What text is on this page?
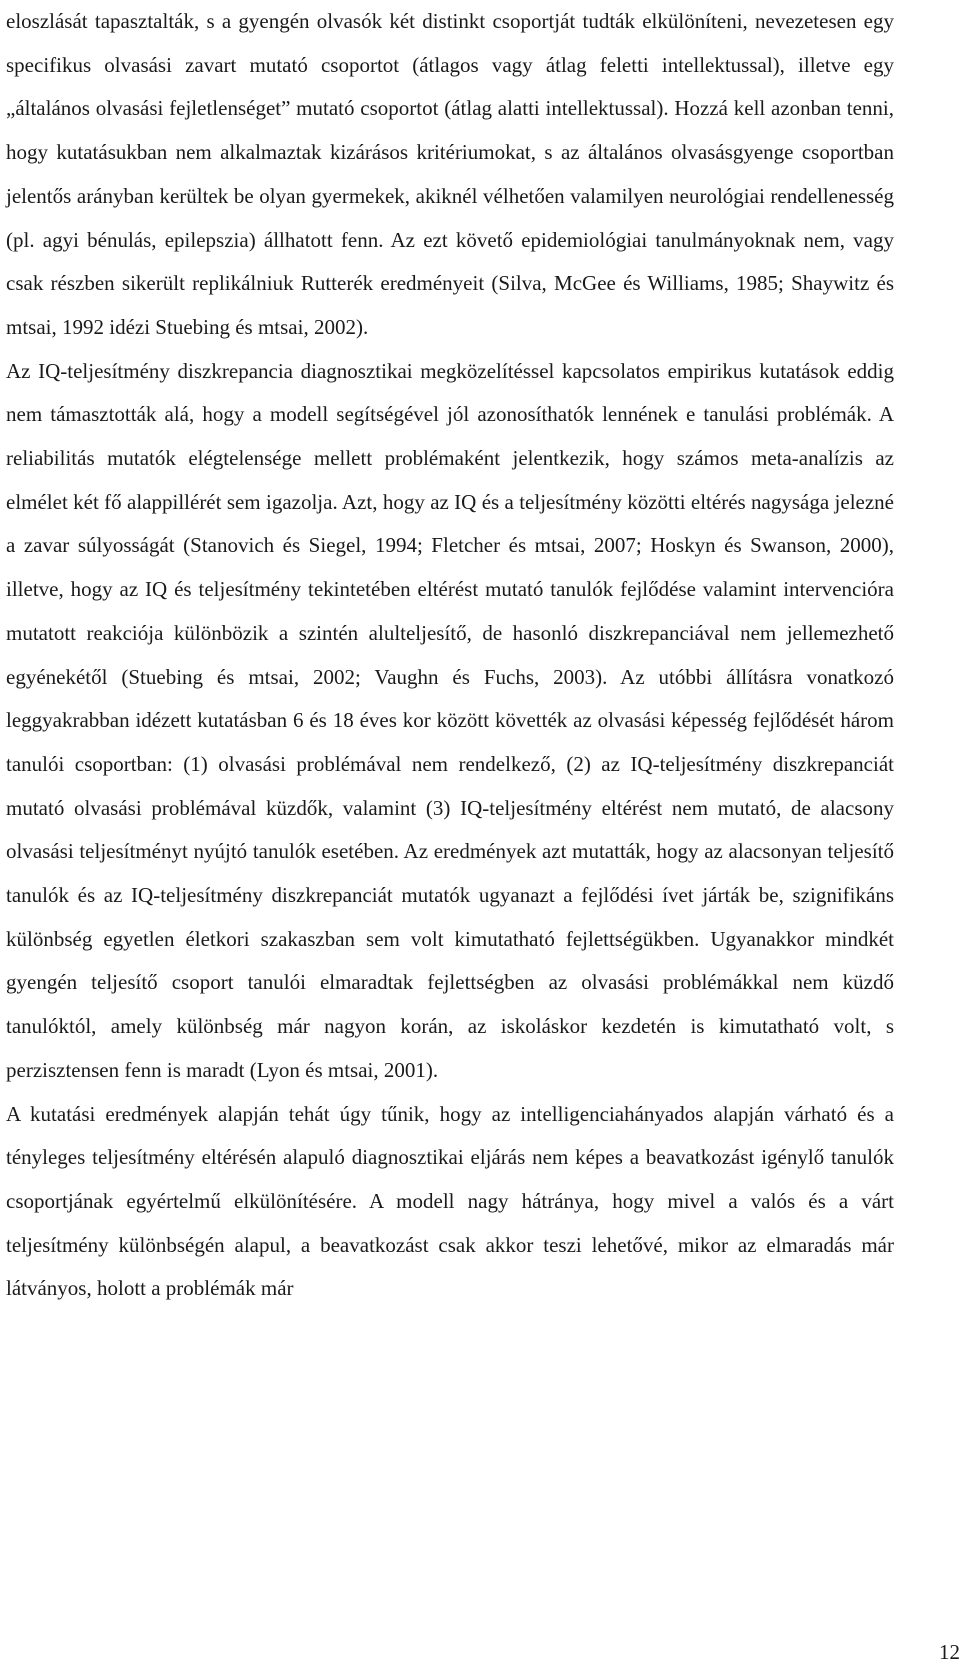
eloszlását tapasztalták, s a gyengén olvasók két distinkt csoportját tudták elkülöníteni, nevezetesen egy specifikus olvasási zavart mutató csoportot (átlagos vagy átlag feletti intellektussal), illetve egy „általános olvasási fejletlenséget” mutató csoportot (átlag alatti intellektussal). Hozzá kell azonban tenni, hogy kutatásukban nem alkalmaztak kizárásos kritériumokat, s az általános olvasásgyenge csoportban jelentős arányban kerültek be olyan gyermekek, akiknél vélhetően valamilyen neurológiai rendellenesség (pl. agyi bénulás, epilepszia) állhatott fenn. Az ezt követő epidemiológiai tanulmányoknak nem, vagy csak részben sikerült replikálniuk Rutterék eredményeit (Silva, McGee és Williams, 1985; Shaywitz és mtsai, 1992 idézi Stuebing és mtsai, 2002).

Az IQ-teljesítmény diszkrepancia diagnosztikai megközelítéssel kapcsolatos empirikus kutatások eddig nem támasztották alá, hogy a modell segítségével jól azonosíthatók lennének e tanulási problémák. A reliabilitás mutatók elégtelensége mellett problémaként jelentkezik, hogy számos meta-analízis az elmélet két fő alappillérét sem igazolja. Azt, hogy az IQ és a teljesítmény közötti eltérés nagysága jelezné a zavar súlyosságát (Stanovich és Siegel, 1994; Fletcher és mtsai, 2007; Hoskyn és Swanson, 2000), illetve, hogy az IQ és teljesítmény tekintetében eltérést mutató tanulók fejlődése valamint intervencióra mutatott reakciója különbözik a szintén alulteljesítő, de hasonló diszkrepanciával nem jellemezhető egyénekétől (Stuebing és mtsai, 2002; Vaughn és Fuchs, 2003). Az utóbbi állításra vonatkozó leggyakrabban idézett kutatásban 6 és 18 éves kor között követték az olvasási képesség fejlődését három tanulói csoportban: (1) olvasási problémával nem rendelkező, (2) az IQ-teljesítmény diszkrepanciát mutató olvasási problémával küzdők, valamint (3) IQ-teljesítmény eltérést nem mutató, de alacsony olvasási teljesítményt nyújtó tanulók esetében. Az eredmények azt mutatták, hogy az alacsonyan teljesítő tanulók és az IQ-teljesítmény diszkrepanciát mutatók ugyanazt a fejlődési ívet járták be, szignifikáns különbség egyetlen életkori szakaszban sem volt kimutatható fejlettségükben. Ugyanakkor mindkét gyengén teljesítő csoport tanulói elmaradtak fejlettségben az olvasási problémákkal nem küzdő tanulóktól, amely különbség már nagyon korán, az iskoláskor kezdetén is kimutatható volt, s perzisztensen fenn is maradt (Lyon és mtsai, 2001).

A kutatási eredmények alapján tehát úgy tűnik, hogy az intelligenciahányados alapján várható és a tényleges teljesítmény eltérésén alapuló diagnosztikai eljárás nem képes a beavatkozást igénylő tanulók csoportjának egyértelmű elkülönítésére. A modell nagy hátránya, hogy mivel a valós és a várt teljesítmény különbségén alapul, a beavatkozást csak akkor teszi lehetővé, mikor az elmaradás már látványos, holott a problémák már

12
